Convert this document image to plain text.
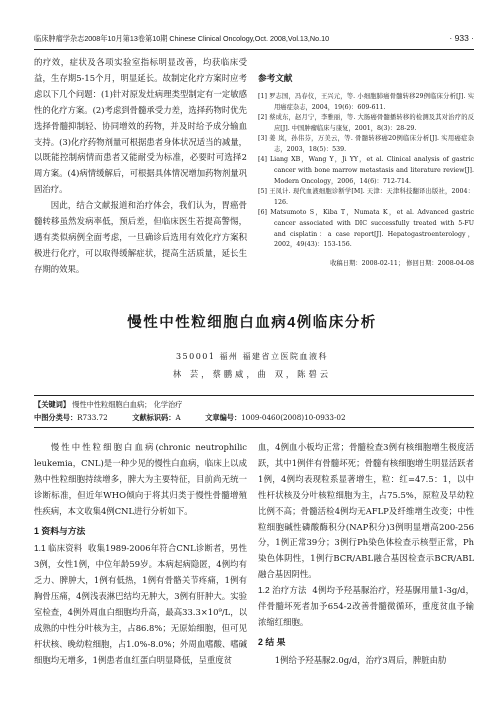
临床肿瘤学杂志2008年10月第13卷第10期 Chinese Clinical Oncology,Oct. 2008,Vol.13,No.10	· 933 ·

的疗效，症状及各项实验室指标明显改善，均获临床受益，生存期5-15个月，明显延长。故制定化疗方案时应考虑以下几个问题：(1)针对原发灶病理类型制定有一定敏感性的化疗方案。(2)考虑到骨髓承受力差，选择药物时优先选择骨髓抑制轻、协同增效的药物，并及时给予成分输血支持。(3)化疗药物剂量可根据患者身体状况适当的减量，以既能控制病情而患者又能耐受为标准，必要时可选择2周方案。(4)病情缓解后，可根据具体情况增加药物剂量巩固治疗。

因此，结合文献报道和治疗体会，我们认为，胃癌骨髓转移虽然发病率低，预后差，但临床医生若提高警惕，遇有类似病例全面考虑，一旦确诊后选用有效化疗方案积极进行化疗，可以取得缓解症状，提高生活质量，延长生存期的效果。

参考文献

[1] 罗志国，冯春仪，王兴元，等. 小细胞肺癌骨髓转移29例临床分析[J]. 实用癌症杂志，2004，19(6)：609-611.

[2] 蔡成东，赵月宁，李雅丽，等. 大肠癌骨髓播转移的检测及其对治疗的反应[J]. 中国肿瘤临床与康复，2001，8(3)：28-29.

[3] 姜 岚，孙伟芬，万美云，等. 骨髓转移癌20例临床分析[J]. 实用癌症杂志，2003，18(5)：539.

[4] Liang XB，Wang Y，Ji YY，et al. Clinical analysis of gastric cancer with bone marrow metastasis and literature review[J]. Modern Oncology，2006，14(6)：712-714.

[5] 王凤计. 现代血液细胞诊断学[M]. 天津：天津科技翻译出版社，2004：126.

[6] Matsumoto S，Kiba T，Numata K，et al. Advanced gastric cancer associated with DIC successfully treated with 5-FU and cisplatin：a case report[J]. Hepatogastroenterology，2002，49(43)：153-156.

收稿日期：2008-02-11； 修回日期：2008-04-08
慢性中性粒细胞白血病4例临床分析
350001 福州 福建省立医院血液科
林 芸，蔡鹏威，曲 双，陈碧云
【关键词】 慢性中性粒细胞白血病； 化学治疗
中图分类号：R733.72	文献标识码：A	文章编号：1009-0460(2008)10-0933-02

慢性中性粒细胞白血病(chronic neutrophilic leukemia，CNL)是一种少见的慢性白血病，临床上以成熟中性粒细胞持续增多，脾大为主要特征，目前尚无统一诊断标准，但近年WHO倾向于将其归类于慢性骨髓增殖性疾病，本文收集4例CNL进行分析如下。

1 资料与方法

1.1 临床资料 收集1989-2006年符合CNL诊断者，男性3例，女性1例，中位年龄59岁。本病起病隐匿，4例均有乏力、脾肿大，1例有低热，1例有骨骼关节疼痛，1例有胸骨压痛，4例浅表淋巴结均无肿大，3例有肝肿大。实验室检查，4例外周血白细胞均升高，最高33.3×10⁹/L，以成熟的中性分叶核为主，占86.8%；无原始细胞，但可见杆状核、晚幼粒细胞，占1.0%-8.0%；外周血嗜酸、嗜碱细胞均无增多，1例患者血红蛋白明显降低，呈重度贫

血，4例血小板均正常；骨髓检查3例有核细胞增生极度活跃，其中1例伴有骨髓坏死；骨髓有核细胞增生明显活跃者1例，4例均表现粒系显著增生，粒：红=47.5：1，以中性杆状核及分叶核粒细胞为主，占75.5%，原粒及早幼粒比例不高；骨髓活检4例均无AFLP及纤维增生改变；中性粒细胞碱性磷酸酶积分(NAP积分)3例明显增高200-256分，1例正常39分；3例行Ph染色体检查示核型正常，Ph染色体阴性，1例行BCR/ABL融合基因检查示BCR/ABL融合基因阴性。

1.2 治疗方法 4例均予羟基脲治疗，羟基脲用量1-3g/d，伴骨髓坏死者加予654-2改善骨髓微循环，重度贫血予输浓缩红细胞。

2 结 果

1例给予羟基脲2.0g/d，治疗3周后，脾脏由肋
